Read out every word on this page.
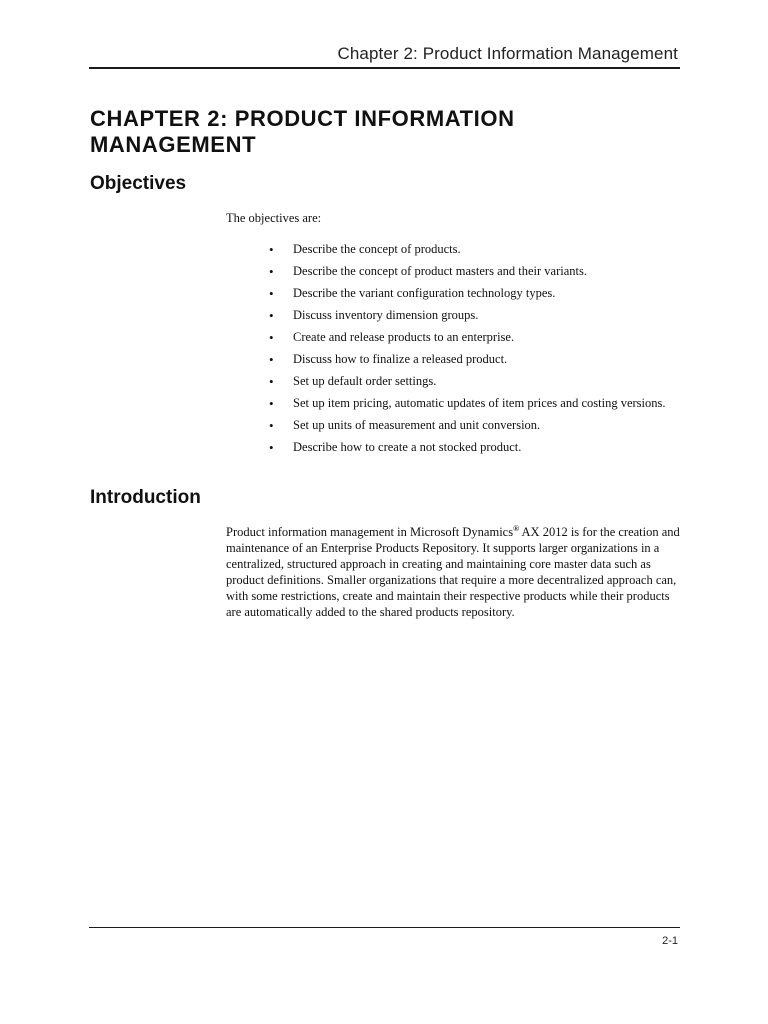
Chapter 2: Product Information Management
CHAPTER 2: PRODUCT INFORMATION MANAGEMENT
Objectives

The objectives are:

• Describe the concept of products.
• Describe the concept of product masters and their variants.
• Describe the variant configuration technology types.
• Discuss inventory dimension groups.
• Create and release products to an enterprise.
• Discuss how to finalize a released product.
• Set up default order settings.
• Set up item pricing, automatic updates of item prices and costing versions.
• Set up units of measurement and unit conversion.
• Describe how to create a not stocked product.
Introduction

Product information management in Microsoft Dynamics® AX 2012 is for the creation and maintenance of an Enterprise Products Repository. It supports larger organizations in a centralized, structured approach in creating and maintaining core master data such as product definitions. Smaller organizations that require a more decentralized approach can, with some restrictions, create and maintain their respective products while their products are automatically added to the shared products repository.

2-1
